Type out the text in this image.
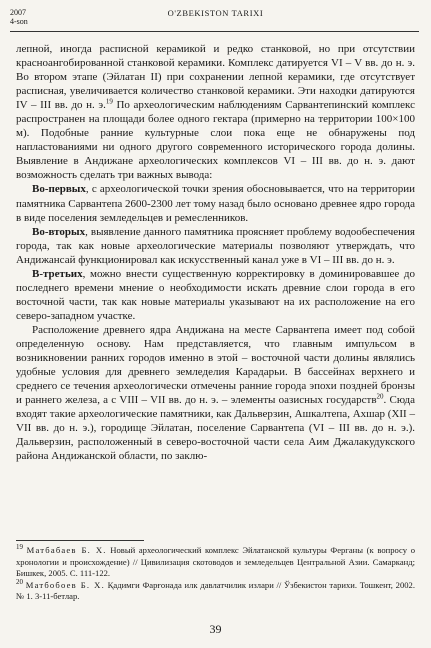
2007
4-son
O'ZBEKISTON TARIXI

лепной, иногда расписной керамикой и редко станковой, но при отсутствии краснoангобированной станковой керамики. Комплекс датируется VI – V вв. до н. э. Во втором этапе (Эйлатан II) при сохранении лепной керамики, где отсутствует расписная, увеличивается количество станковой керамики. Эти находки датируются IV – III вв. до н. э.$^{19}$ По археологическим наблюдениям Сарвантепинский комплекс распространен на площади более одного гектара (примерно на территории 100×100 м). Подобные ранние культурные слои пока еще не обнаружены под напластованиями ни одного другого современного исторического города долины. Выявление в Андижане археологических комплексов VI – III вв. до н. э. дают возможность сделать три важных вывода:

Во-первых, с археологической точки зрения обосновывается, что на территории памятника Сарвантепа 2600-2300 лет тому назад было основано древнее ядро города в виде поселения земледельцев и ремесленников.

Во-вторых, выявление данного памятника проясняет проблему водообеспечения города, так как новые археологические материалы позволяют утверждать, что Андижансай функционировал как искусственный канал уже в VI – III вв. до н. э.

В-третьих, можно внести существенную корректировку в доминировавшее до последнего времени мнение о необходимости искать древние слои города в его восточной части, так как новые материалы указывают на их расположение на его северо-западном участке.

Расположение древнего ядра Андижана на месте Сарвантепа имеет под собой определенную основу. Нам представляется, что главным импульсом в возникновении ранних городов именно в этой – восточной части долины являлись удобные условия для древнего земледелия Карадарьи. В бассейнах верхнего и среднего се течения археологически отмечены ранние города эпохи поздней бронзы и раннего железа, а с VIII – VII вв. до н. э. – элементы оазисных государств$^{20}$. Сюда входят такие археологические памятники, как Дальверзин, Ашкалтепа, Ахшар (XII – VII вв. до н. э.), городище Эйлатан, поселение Сарвантепа (VI – III вв. до н. э.). Дальверзин, расположенный в северо-восточной части села Аим Джалакудукского района Андижанской области, по заклю-

$^{19}$ Матбабаев Б. Х. Новый археологический комплекс Эйлатанской культуры Ферганы (к вопросу о хронологии и происхождение) // Цивилизация скотоводов и земледельцев Центральной Азии. Самарканд; Бишкек, 2005. С. 111-122.

$^{20}$ Матбобоев Б. Х. Қадимги Фарғонада илк давлатчилик излари // Ўзбекистон тарихи. Тошкент, 2002. № 1. 3-11-бетлар.

39
